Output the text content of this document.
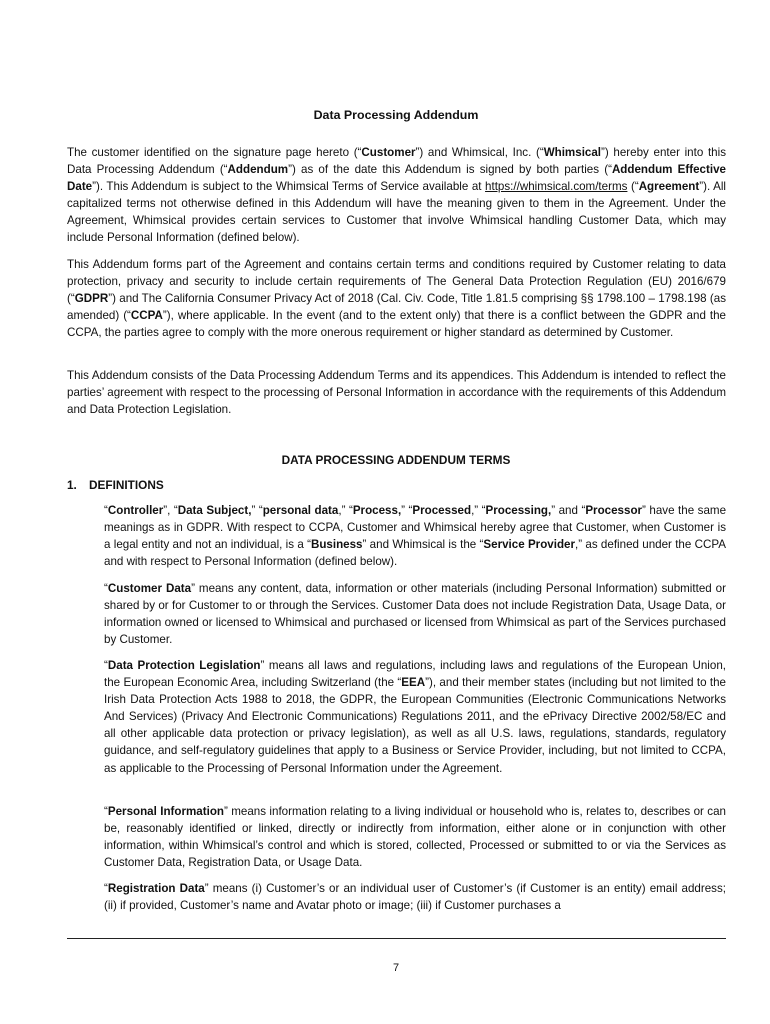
Data Processing Addendum

The customer identified on the signature page hereto (“Customer”) and Whimsical, Inc. (“Whimsical”) hereby enter into this Data Processing Addendum (“Addendum”) as of the date this Addendum is signed by both parties (“Addendum Effective Date”). This Addendum is subject to the Whimsical Terms of Service available at https://whimsical.com/terms (“Agreement”). All capitalized terms not otherwise defined in this Addendum will have the meaning given to them in the Agreement. Under the Agreement, Whimsical provides certain services to Customer that involve Whimsical handling Customer Data, which may include Personal Information (defined below).

This Addendum forms part of the Agreement and contains certain terms and conditions required by Customer relating to data protection, privacy and security to include certain requirements of The General Data Protection Regulation (EU) 2016/679 (“GDPR”) and The California Consumer Privacy Act of 2018 (Cal. Civ. Code, Title 1.81.5 comprising §§ 1798.100 – 1798.198 (as amended) (“CCPA”), where applicable. In the event (and to the extent only) that there is a conflict between the GDPR and the CCPA, the parties agree to comply with the more onerous requirement or higher standard as determined by Customer.

This Addendum consists of the Data Processing Addendum Terms and its appendices. This Addendum is intended to reflect the parties’ agreement with respect to the processing of Personal Information in accordance with the requirements of this Addendum and Data Protection Legislation.

DATA PROCESSING ADDENDUM TERMS
1. DEFINITIONS

“Controller”, “Data Subject,” “personal data,” “Process,” “Processed,” “Processing,” and “Processor” have the same meanings as in GDPR. With respect to CCPA, Customer and Whimsical hereby agree that Customer, when Customer is a legal entity and not an individual, is a “Business” and Whimsical is the “Service Provider,” as defined under the CCPA and with respect to Personal Information (defined below).

“Customer Data” means any content, data, information or other materials (including Personal Information) submitted or shared by or for Customer to or through the Services. Customer Data does not include Registration Data, Usage Data, or information owned or licensed to Whimsical and purchased or licensed from Whimsical as part of the Services purchased by Customer.

“Data Protection Legislation” means all laws and regulations, including laws and regulations of the European Union, the European Economic Area, including Switzerland (the “EEA”), and their member states (including but not limited to the Irish Data Protection Acts 1988 to 2018, the GDPR, the European Communities (Electronic Communications Networks And Services) (Privacy And Electronic Communications) Regulations 2011, and the ePrivacy Directive 2002/58/EC and all other applicable data protection or privacy legislation), as well as all U.S. laws, regulations, standards, regulatory guidance, and self-regulatory guidelines that apply to a Business or Service Provider, including, but not limited to CCPA, as applicable to the Processing of Personal Information under the Agreement.

“Personal Information” means information relating to a living individual or household who is, relates to, describes or can be, reasonably identified or linked, directly or indirectly from information, either alone or in conjunction with other information, within Whimsical’s control and which is stored, collected, Processed or submitted to or via the Services as Customer Data, Registration Data, or Usage Data.

“Registration Data” means (i) Customer’s or an individual user of Customer’s (if Customer is an entity) email address; (ii) if provided, Customer’s name and Avatar photo or image; (iii) if Customer purchases a

7
